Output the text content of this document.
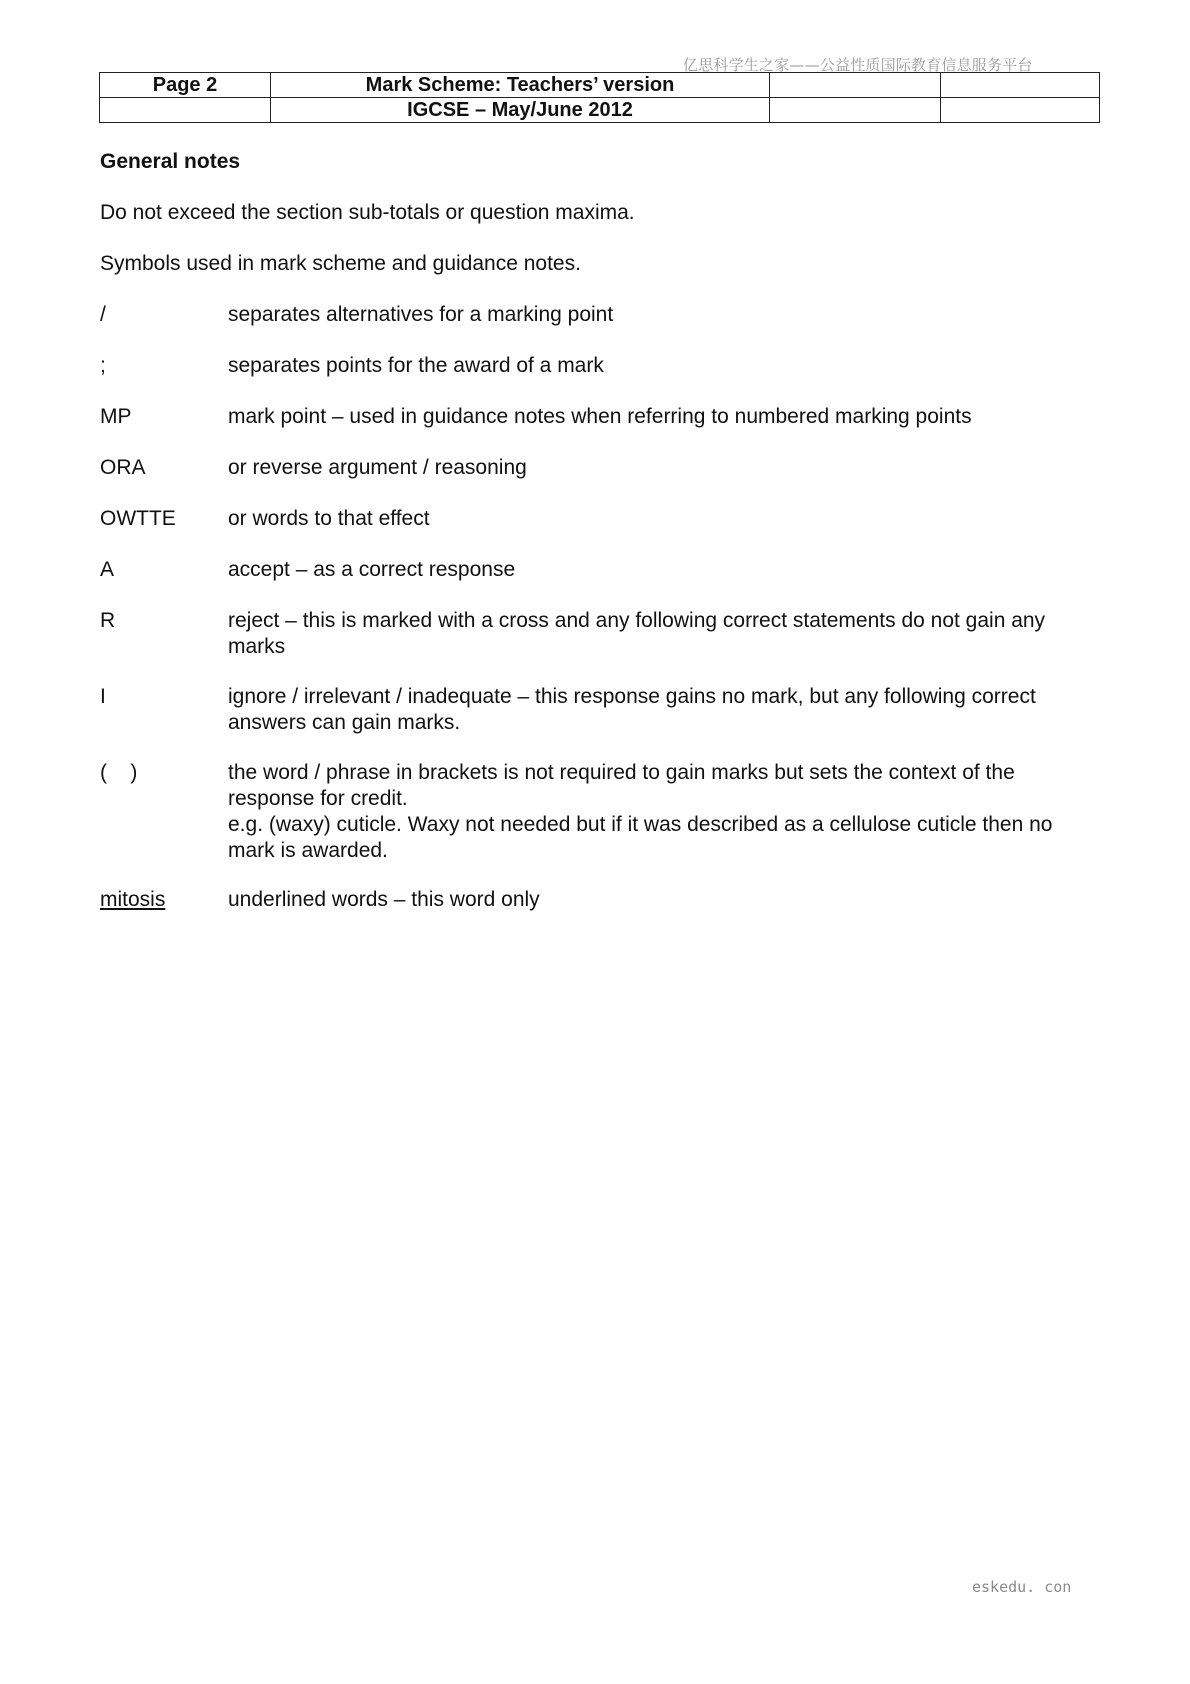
亿思科学生之家——公益性质国际教育信息服务平台
Page 2	Mark Scheme: Teachers’ version		
	IGCSE – May/June 2012		
General notes
Do not exceed the section sub-totals or question maxima.
Symbols used in mark scheme and guidance notes.
/	separates alternatives for a marking point
;	separates points for the award of a mark
MP	mark point – used in guidance notes when referring to numbered marking points
ORA	or reverse argument / reasoning
OWTTE or words to that effect
A	accept – as a correct response
R	reject – this is marked with a cross and any following correct statements do not gain any marks
I	ignore / irrelevant / inadequate – this response gains no mark, but any following correct answers can gain marks.
(    )	the word / phrase in brackets is not required to gain marks but sets the context of the response for credit.
e.g. (waxy) cuticle. Waxy not needed but if it was described as a cellulose cuticle then no mark is awarded.
mitosis	underlined words – this word only
eskedu. con
